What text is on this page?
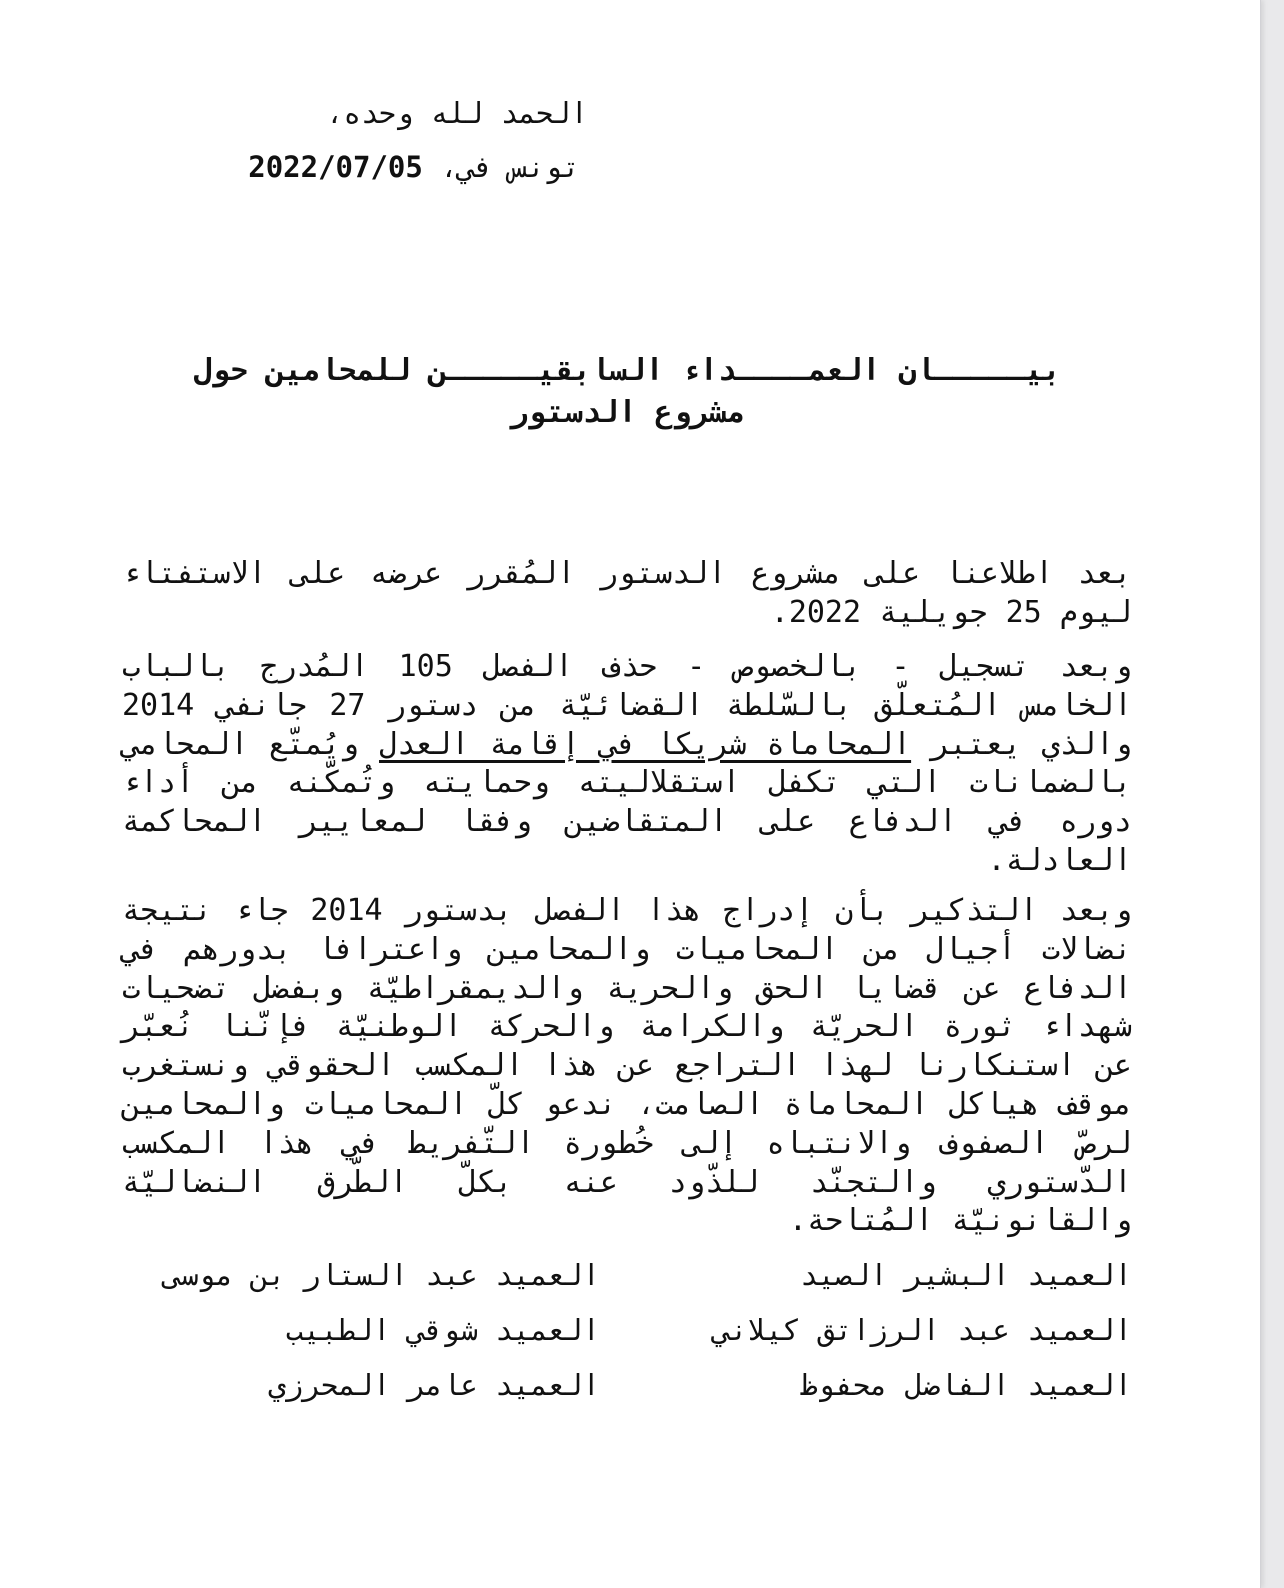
الحمد لله وحده،

تونس في، 2022/07/05

بيـــــان العمــــداء السابقيـــــن للمحامين حول مشروع الدستور

بعد اطلاعنا على مشروع الدستور المُقرر عرضه على الاستفتاء ليوم 25 جويلية 2022.

وبعد تسجيل - بالخصوص - حذف الفصل 105 المُدرج بالباب الخامس المُتعلّق بالسّلطة القضائيّة من دستور 27 جانفي 2014 والذي يعتبر المحاماة شريكا في إقامة العدل ويُمتّع المحامي بالضمانات التي تكفل استقلاليته وحمايته وتُمكّنه من أداء دوره في الدفاع على المتقاضين وفقا لمعايير المحاكمة العادلة.

وبعد التذكير بأن إدراج هذا الفصل بدستور 2014 جاء نتيجة نضالات أجيال من المحاميات والمحامين واعترافا بدورهم في الدفاع عن قضايا الحق والحرية والديمقراطيّة وبفضل تضحيات شهداء ثورة الحريّة والكرامة والحركة الوطنيّة فإنّنا نُعبّر عن استنكارنا لهذا التراجع عن هذا المكسب الحقوقي ونستغرب موقف هياكل المحاماة الصامت، ندعو كلّ المحاميات والمحامين لرصّ الصفوف والانتباه إلى خُطورة التّفريط في هذا المكسب الدّستوري والتجنّد للذّود عنه بكلّ الطّرق النضاليّة والقانونيّة المُتاحة.

العميد البشير الصيد

العميد عبد الستار بن موسى

العميد عبد الرزاتق كيلاني

العميد شوقي الطبيب

العميد الفاضل محفوظ

العميد عامر المحرزي
